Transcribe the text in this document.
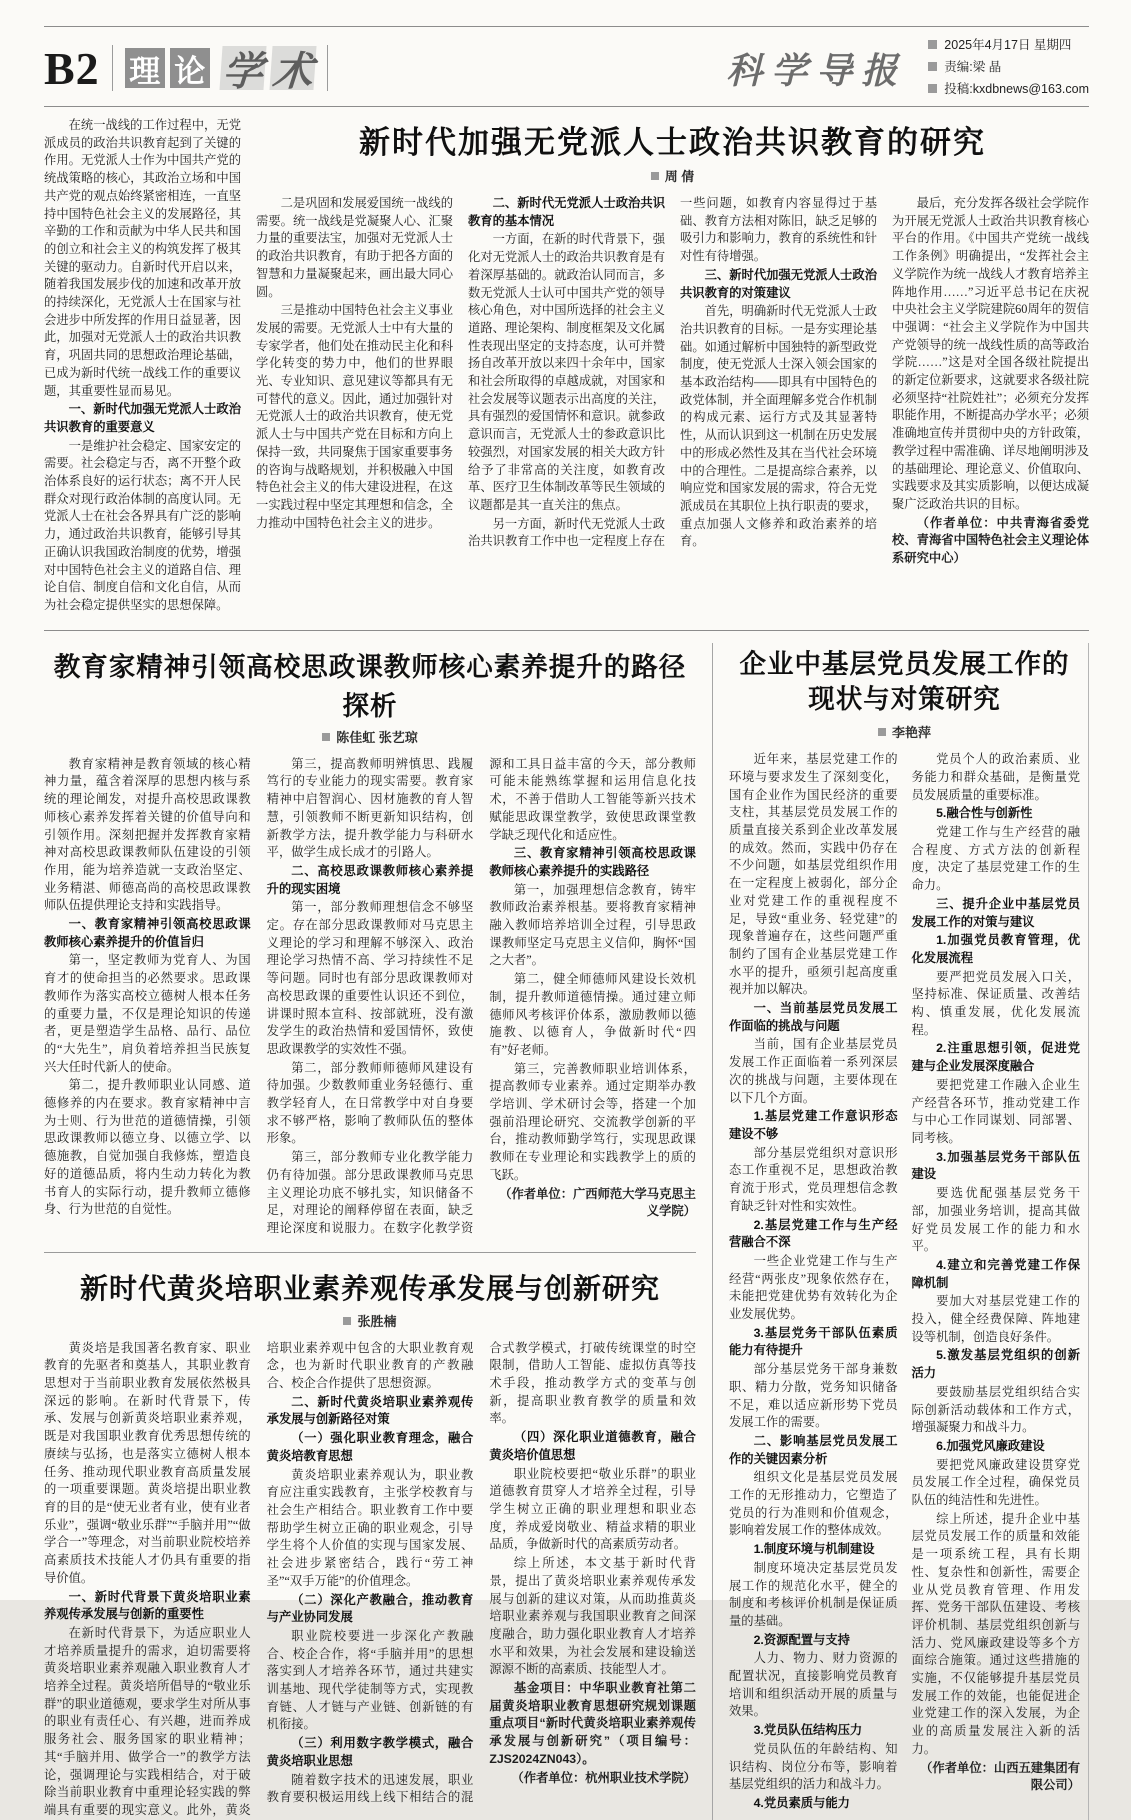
B2 理 论 学 术	科学导报
2025年4月17日 星期四
责编:梁 晶
投稿:kxdbnews@163.com

在统一战线的工作过程中，无党派成员的政治共识教育起到了关键的作用。无党派人士作为中国共产党的统战策略的核心，其政治立场和中国共产党的观点始终紧密相连，一直坚持中国特色社会主义的发展路径，其辛勤的工作和贡献为中华人民共和国的创立和社会主义的构筑发挥了极其关键的驱动力。自新时代开启以来，随着我国发展步伐的加速和改革开放的持续深化，无党派人士在国家与社会进步中所发挥的作用日益显著，因此，加强对无党派人士的政治共识教育，巩固共同的思想政治理论基础，已成为新时代统一战线工作的重要议题，其重要性显而易见。

一、新时代加强无党派人士政治共识教育的重要意义

一是维护社会稳定、国家安定的需要。社会稳定与否，离不开整个政治体系良好的运行状态；离不开人民群众对现行政治体制的高度认同。无党派人士在社会各界具有广泛的影响力，通过政治共识教育，能够引导其正确认识我国政治制度的优势，增强对中国特色社会主义的道路自信、理论自信、制度自信和文化自信，从而为社会稳定提供坚实的思想保障。

新时代加强无党派人士政治共识教育的研究
周 倩

二是巩固和发展爱国统一战线的需要。统一战线是党凝聚人心、汇聚力量的重要法宝，加强对无党派人士的政治共识教育，有助于把各方面的智慧和力量凝聚起来，画出最大同心圆。

三是推动中国特色社会主义事业发展的需要。无党派人士中有大量的专家学者，他们处在推动民主化和科学化转变的势力中，他们的世界眼光、专业知识、意见建议等都具有无可替代的意义。因此，通过加强针对无党派人士的政治共识教育，使无党派人士与中国共产党在目标和方向上保持一致，共同聚焦于国家重要事务的咨询与战略规划，并积极融入中国特色社会主义的伟大建设进程，在这一实践过程中坚定其理想和信念，全力推动中国特色社会主义的进步。

二、新时代无党派人士政治共识教育的基本情况

一方面，在新的时代背景下，强化对无党派人士的政治共识教育是有着深厚基础的。就政治认同而言，多数无党派人士认可中国共产党的领导核心角色，对中国所选择的社会主义道路、理论架构、制度框架及文化属性表现出坚定的支持态度，认可并赞扬自改革开放以来四十余年中，国家和社会所取得的卓越成就，对国家和社会发展等议题表示出高度的关注，具有强烈的爱国情怀和意识。就参政意识而言，无党派人士的参政意识比较强烈，对国家发展的相关大政方针给予了非常高的关注度，如教育改革、医疗卫生体制改革等民生领域的议题都是其一直关注的焦点。

另一方面，新时代无党派人士政治共识教育工作中也一定程度上存在一些问题，如教育内容显得过于基础、教育方法相对陈旧，缺乏足够的吸引力和影响力，教育的系统性和针对性有待增强。

三、新时代加强无党派人士政治共识教育的对策建议

首先，明确新时代无党派人士政治共识教育的目标。一是夯实理论基础。如通过解析中国独特的新型政党制度，使无党派人士深入领会国家的基本政治结构——即具有中国特色的政党体制，并全面理解多党合作机制的构成元素、运行方式及其显著特性，从而认识到这一机制在历史发展中的形成必然性及其在当代社会环境中的合理性。二是提高综合素养，以响应党和国家发展的需求，符合无党派成员在其职位上执行职责的要求，重点加强人文修养和政治素养的培育。

最后，充分发挥各级社会学院作为开展无党派人士政治共识教育核心平台的作用。《中国共产党统一战线工作条例》明确提出，“发挥社会主义学院作为统一战线人才教育培养主阵地作用……”习近平总书记在庆祝中央社会主义学院建院60周年的贺信中强调：“社会主义学院作为中国共产党领导的统一战线性质的高等政治学院……”这是对全国各级社院提出的新定位新要求，这就要求各级社院必须坚持“社院姓社”；必须充分发挥职能作用，不断提高办学水平；必须准确地宣传并贯彻中央的方针政策，教学过程中需准确、详尽地阐明涉及的基础理论、理论意义、价值取向、实践要求及其实质影响，以便达成凝聚广泛政治共识的目标。

（作者单位：中共青海省委党校、青海省中国特色社会主义理论体系研究中心）

教育家精神引领高校思政课教师核心素养提升的路径探析
陈佳虹 张艺琼

教育家精神是教育领域的核心精神力量，蕴含着深厚的思想内核与系统的理论阐发，对提升高校思政课教师核心素养发挥着关键的价值导向和引领作用。深刻把握并发挥教育家精神对高校思政课教师队伍建设的引领作用，能为培养造就一支政治坚定、业务精湛、师德高尚的高校思政课教师队伍提供理论支持和实践指导。

一、教育家精神引领高校思政课教师核心素养提升的价值旨归

第一，坚定教师为党育人、为国育才的使命担当的必然要求。思政课教师作为落实高校立德树人根本任务的重要力量，不仅是理论知识的传递者，更是塑造学生品格、品行、品位的“大先生”，肩负着培养担当民族复兴大任时代新人的使命。

第二，提升教师职业认同感、道德修养的内在要求。教育家精神中言为士则、行为世范的道德情操，引领思政课教师以德立身、以德立学、以德施教，自觉加强自我修炼，塑造良好的道德品质，将内生动力转化为教书育人的实际行动，提升教师立德修身、行为世范的自觉性。

第三，提高教师明辨慎思、践履笃行的专业能力的现实需要。教育家精神中启智润心、因材施教的育人智慧，引领教师不断更新知识结构，创新教学方法，提升教学能力与科研水平，做学生成长成才的引路人。

二、高校思政课教师核心素养提升的现实困境

第一，部分教师理想信念不够坚定。存在部分思政课教师对马克思主义理论的学习和理解不够深入、政治理论学习热情不高、学习持续性不足等问题。同时也有部分思政课教师对高校思政课的重要性认识还不到位，讲课时照本宣科、按部就班，没有激发学生的政治热情和爱国情怀，致使思政课教学的实效性不强。

第二，部分教师师德师风建设有待加强。少数教师重业务轻德行、重教学轻育人，在日常教学中对自身要求不够严格，影响了教师队伍的整体形象。

第三，部分教师专业化教学能力仍有待加强。部分思政课教师马克思主义理论功底不够扎实，知识储备不足，对理论的阐释停留在表面，缺乏理论深度和说服力。在数字化教学资源和工具日益丰富的今天，部分教师可能未能熟练掌握和运用信息化技术，不善于借助人工智能等新兴技术赋能思政课堂教学，致使思政课堂教学缺乏现代化和适应性。

三、教育家精神引领高校思政课教师核心素养提升的实践路径

第一，加强理想信念教育，铸牢教师政治素养根基。要将教育家精神融入教师培养培训全过程，引导思政课教师坚定马克思主义信仰，胸怀“国之大者”。

第二，健全师德师风建设长效机制，提升教师道德情操。通过建立师德师风考核评价体系，激励教师以德施教、以德育人，争做新时代“四有”好老师。

第三，完善教师职业培训体系，提高教师专业素养。通过定期举办教学培训、学术研讨会等，搭建一个加强前沿理论研究、交流教学创新的平台，推动教师勤学笃行，实现思政课教师在专业理论和实践教学上的质的飞跃。

（作者单位：广西师范大学马克思主义学院）

新时代黄炎培职业素养观传承发展与创新研究
张胜楠

黄炎培是我国著名教育家、职业教育的先驱者和奠基人，其职业教育思想对于当前职业教育发展依然极具深远的影响。在新时代背景下，传承、发展与创新黄炎培职业素养观，既是对我国职业教育优秀思想传统的赓续与弘扬，也是落实立德树人根本任务、推动现代职业教育高质量发展的一项重要课题。黄炎培提出职业教育的目的是“使无业者有业，使有业者乐业”，强调“敬业乐群”“手脑并用”“做学合一”等理念，对当前职业院校培养高素质技术技能人才仍具有重要的指导价值。

一、新时代背景下黄炎培职业素养观传承发展与创新的重要性

在新时代背景下，为适应职业人才培养质量提升的需求，迫切需要将黄炎培职业素养观融入职业教育人才培养全过程。黄炎培所倡导的“敬业乐群”的职业道德观，要求学生对所从事的职业有责任心、有兴趣，进而养成服务社会、服务国家的职业精神；其“手脑并用、做学合一”的教学方法论，强调理论与实践相结合，对于破除当前职业教育中重理论轻实践的弊端具有重要的现实意义。此外，黄炎培职业素养观中包含的大职业教育观念，也为新时代职业教育的产教融合、校企合作提供了思想资源。

二、新时代黄炎培职业素养观传承发展与创新路径对策

（一）强化职业教育理念，融合黄炎培教育思想

黄炎培职业素养观认为，职业教育应注重实践教育，主张学校教育与社会生产相结合。职业教育工作中要帮助学生树立正确的职业观念，引导学生将个人价值的实现与国家发展、社会进步紧密结合，践行“劳工神圣”“双手万能”的价值理念。

（二）深化产教融合，推动教育与产业协同发展

职业院校要进一步深化产教融合、校企合作，将“手脑并用”的思想落实到人才培养各环节，通过共建实训基地、现代学徒制等方式，实现教育链、人才链与产业链、创新链的有机衔接。

（三）利用数字教学模式，融合黄炎培职业思想

随着数字技术的迅速发展，职业教育要积极运用线上线下相结合的混合式教学模式，打破传统课堂的时空限制，借助人工智能、虚拟仿真等技术手段，推动教学方式的变革与创新，提高职业教育教学的质量和效率。

（四）深化职业道德教育，融合黄炎培价值思想

职业院校要把“敬业乐群”的职业道德教育贯穿人才培养全过程，引导学生树立正确的职业理想和职业态度，养成爱岗敬业、精益求精的职业品质，争做新时代的高素质劳动者。

综上所述，本文基于新时代背景，提出了黄炎培职业素养观传承发展与创新的建议对策，从而助推黄炎培职业素养观与我国职业教育之间深度融合，助力强化职业教育人才培养水平和效果，为社会发展和建设输送源源不断的高素质、技能型人才。

基金项目：中华职业教育社第二届黄炎培职业教育思想研究规划课题重点项目“新时代黄炎培职业素养观传承发展与创新研究”（项目编号：ZJS2024ZN043）。

（作者单位：杭州职业技术学院）

企业中基层党员发展工作的
现状与对策研究
李艳萍

近年来，基层党建工作的环境与要求发生了深刻变化，国有企业作为国民经济的重要支柱，其基层党员发展工作的质量直接关系到企业改革发展的成效。然而，实践中仍存在不少问题，如基层党组织作用在一定程度上被弱化，部分企业对党建工作的重视程度不足，导致“重业务、轻党建”的现象普遍存在，这些问题严重制约了国有企业基层党建工作水平的提升，亟须引起高度重视并加以解决。

一、当前基层党员发展工作面临的挑战与问题

当前，国有企业基层党员发展工作正面临着一系列深层次的挑战与问题，主要体现在以下几个方面。

1.基层党建工作意识形态建设不够

部分基层党组织对意识形态工作重视不足，思想政治教育流于形式，党员理想信念教育缺乏针对性和实效性。

2.基层党建工作与生产经营融合不深

一些企业党建工作与生产经营“两张皮”现象依然存在，未能把党建优势有效转化为企业发展优势。

3.基层党务干部队伍素质能力有待提升

部分基层党务干部身兼数职、精力分散，党务知识储备不足，难以适应新形势下党员发展工作的需要。

二、影响基层党员发展工作的关键因素分析

组织文化是基层党员发展工作的无形推动力，它塑造了党员的行为准则和价值观念，影响着发展工作的整体成效。

1.制度环境与机制建设

制度环境决定基层党员发展工作的规范化水平，健全的制度和考核评价机制是保证质量的基础。

2.资源配置与支持

人力、物力、财力资源的配置状况，直接影响党员教育培训和组织活动开展的质量与效果。

3.党员队伍结构压力

党员队伍的年龄结构、知识结构、岗位分布等，影响着基层党组织的活力和战斗力。

4.党员素质与能力

党员个人的政治素质、业务能力和群众基础，是衡量党员发展质量的重要标准。

5.融合性与创新性

党建工作与生产经营的融合程度、方式方法的创新程度，决定了基层党建工作的生命力。

三、提升企业中基层党员发展工作的对策与建议

1.加强党员教育管理，优化发展流程

要严把党员发展入口关，坚持标准、保证质量、改善结构、慎重发展，优化发展流程。

2.注重思想引领，促进党建与企业发展深度融合

要把党建工作融入企业生产经营各环节，推动党建工作与中心工作同谋划、同部署、同考核。

3.加强基层党务干部队伍建设

要选优配强基层党务干部，加强业务培训，提高其做好党员发展工作的能力和水平。

4.建立和完善党建工作保障机制

要加大对基层党建工作的投入，健全经费保障、阵地建设等机制，创造良好条件。

5.激发基层党组织的创新活力

要鼓励基层党组织结合实际创新活动载体和工作方式，增强凝聚力和战斗力。

6.加强党风廉政建设

要把党风廉政建设贯穿党员发展工作全过程，确保党员队伍的纯洁性和先进性。

综上所述，提升企业中基层党员发展工作的质量和效能是一项系统工程，具有长期性、复杂性和创新性，需要企业从党员教育管理、作用发挥、党务干部队伍建设、考核评价机制、基层党组织创新与活力、党风廉政建设等多个方面综合施策。通过这些措施的实施，不仅能够提升基层党员发展工作的效能，也能促进企业党建工作的深入发展，为企业的高质量发展注入新的活力。

（作者单位：山西五建集团有限公司）
